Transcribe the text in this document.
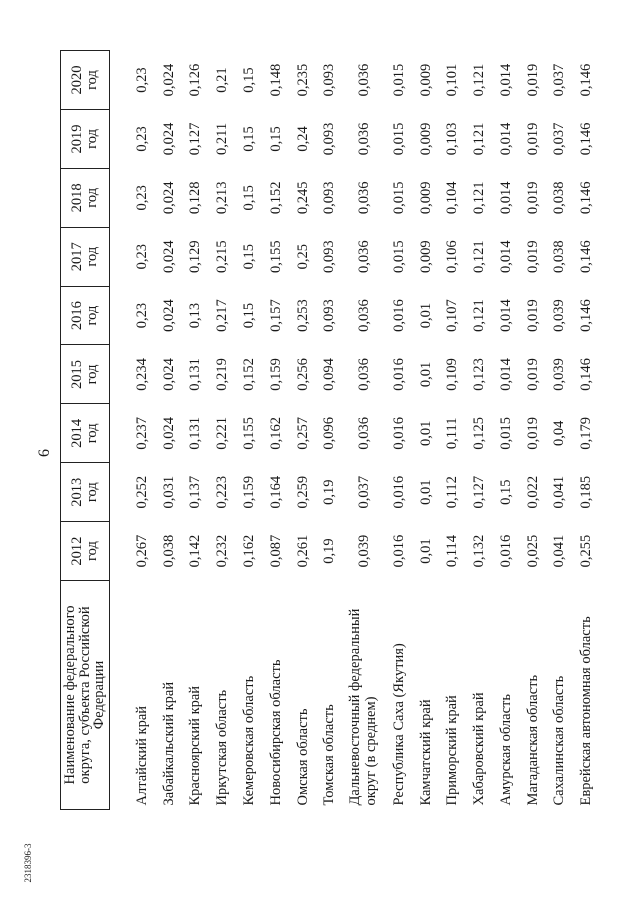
6
Наименование федерального округа, субъекта Российской Федерации	2012 год	2013 год	2014 год	2015 год	2016 год	2017 год	2018 год	2019 год	2020 год

Алтайский край	0,267	0,252	0,237	0,234	0,23	0,23	0,23	0,23	0,23
Забайкальский край	0,038	0,031	0,024	0,024	0,024	0,024	0,024	0,024	0,024
Красноярский край	0,142	0,137	0,131	0,131	0,13	0,129	0,128	0,127	0,126
Иркутская область	0,232	0,223	0,221	0,219	0,217	0,215	0,213	0,211	0,21
Кемеровская область	0,162	0,159	0,155	0,152	0,15	0,15	0,15	0,15	0,15
Новосибирская область	0,087	0,164	0,162	0,159	0,157	0,155	0,152	0,15	0,148
Омская область	0,261	0,259	0,257	0,256	0,253	0,25	0,245	0,24	0,235
Томская область	0,19	0,19	0,096	0,094	0,093	0,093	0,093	0,093	0,093
Дальневосточный федеральный округ (в среднем)	0,039	0,037	0,036	0,036	0,036	0,036	0,036	0,036	0,036
Республика Саха (Якутия)	0,016	0,016	0,016	0,016	0,016	0,015	0,015	0,015	0,015
Камчатский край	0,01	0,01	0,01	0,01	0,01	0,009	0,009	0,009	0,009
Приморский край	0,114	0,112	0,111	0,109	0,107	0,106	0,104	0,103	0,101
Хабаровский край	0,132	0,127	0,125	0,123	0,121	0,121	0,121	0,121	0,121
Амурская область	0,016	0,15	0,015	0,014	0,014	0,014	0,014	0,014	0,014
Магаданская область	0,025	0,022	0,019	0,019	0,019	0,019	0,019	0,019	0,019
Сахалинская область	0,041	0,041	0,04	0,039	0,039	0,038	0,038	0,037	0,037
Еврейская автономная область	0,255	0,185	0,179	0,146	0,146	0,146	0,146	0,146	0,146
2318396-3
